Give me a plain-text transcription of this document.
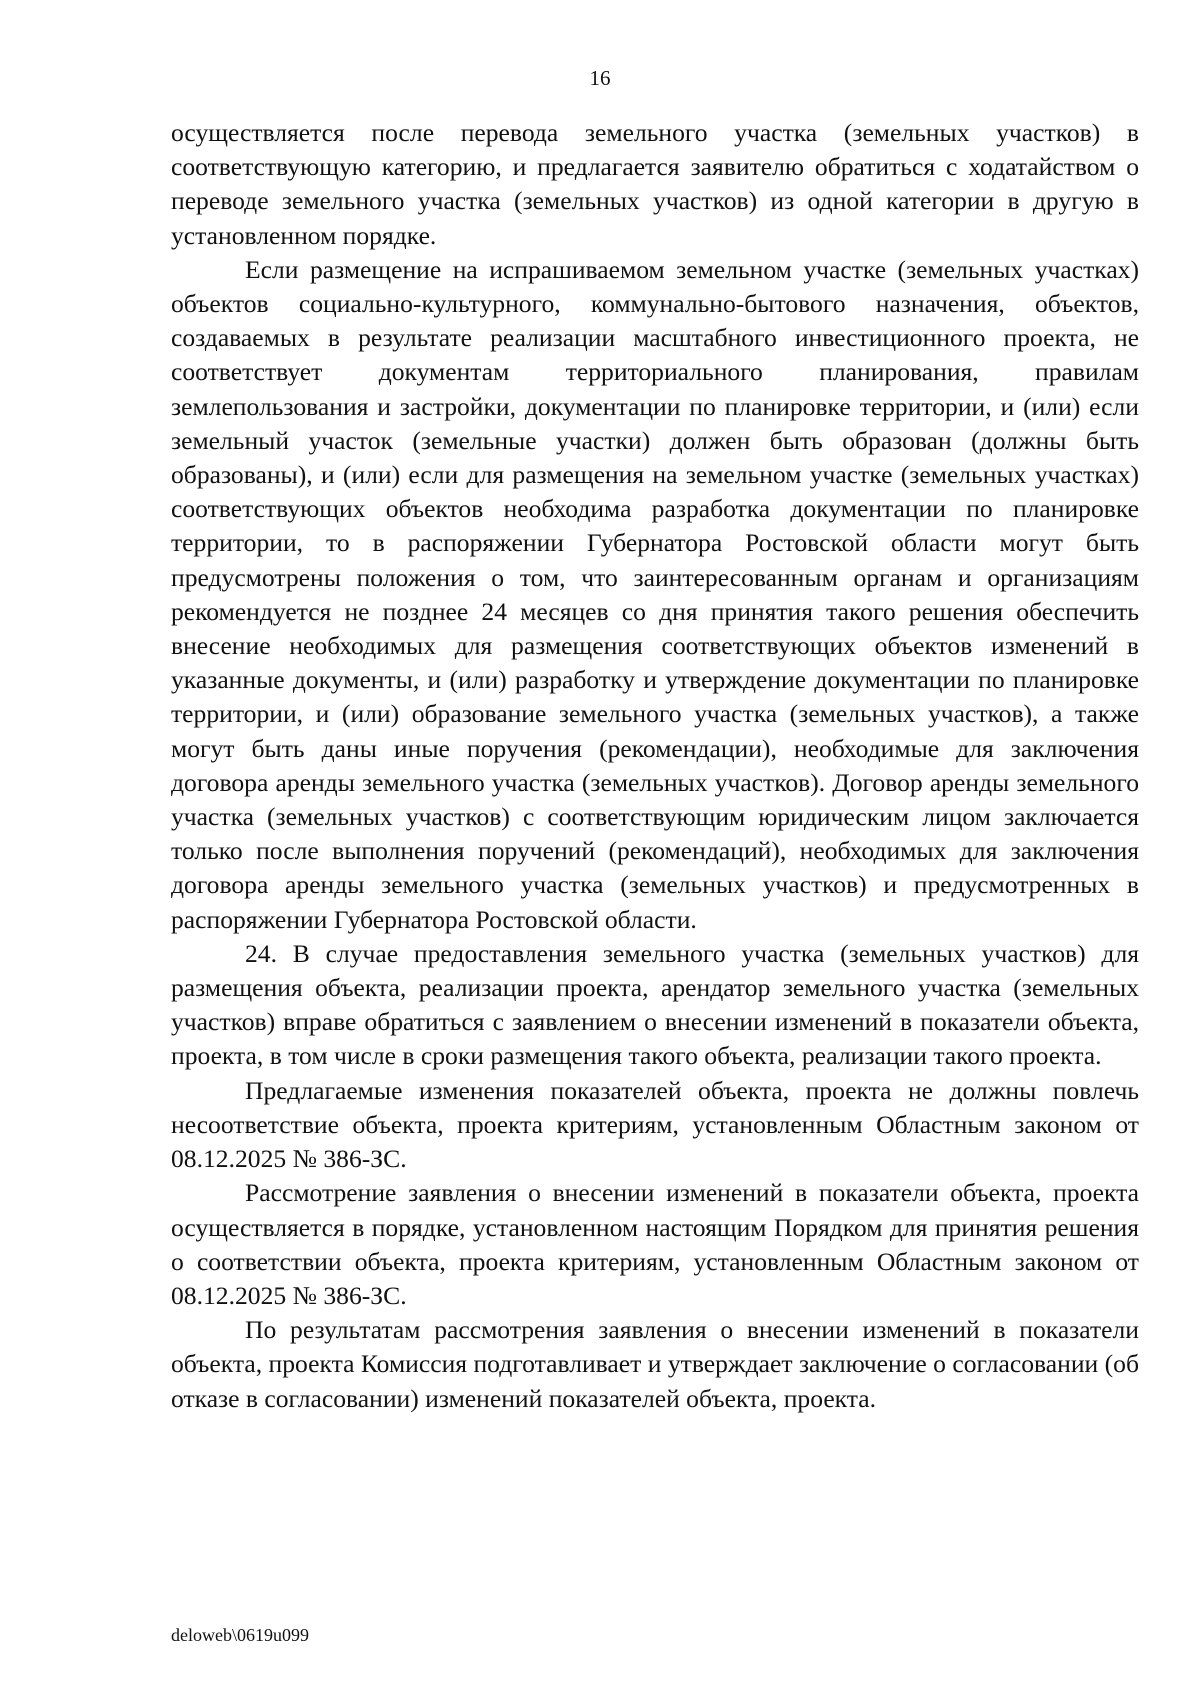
16

осуществляется после перевода земельного участка (земельных участков) в соответствующую категорию, и предлагается заявителю обратиться с ходатайством о переводе земельного участка (земельных участков) из одной категории в другую в установленном порядке.

Если размещение на испрашиваемом земельном участке (земельных участках) объектов социально-культурного, коммунально-бытового назначения, объектов, создаваемых в результате реализации масштабного инвестиционного проекта, не соответствует документам территориального планирования, правилам землепользования и застройки, документации по планировке территории, и (или) если земельный участок (земельные участки) должен быть образован (должны быть образованы), и (или) если для размещения на земельном участке (земельных участках) соответствующих объектов необходима разработка документации по планировке территории, то в распоряжении Губернатора Ростовской области могут быть предусмотрены положения о том, что заинтересованным органам и организациям рекомендуется не позднее 24 месяцев со дня принятия такого решения обеспечить внесение необходимых для размещения соответствующих объектов изменений в указанные документы, и (или) разработку и утверждение документации по планировке территории, и (или) образование земельного участка (земельных участков), а также могут быть даны иные поручения (рекомендации), необходимые для заключения договора аренды земельного участка (земельных участков). Договор аренды земельного участка (земельных участков) с соответствующим юридическим лицом заключается только после выполнения поручений (рекомендаций), необходимых для заключения договора аренды земельного участка (земельных участков) и предусмотренных в распоряжении Губернатора Ростовской области.

24. В случае предоставления земельного участка (земельных участков) для размещения объекта, реализации проекта, арендатор земельного участка (земельных участков) вправе обратиться с заявлением о внесении изменений в показатели объекта, проекта, в том числе в сроки размещения такого объекта, реализации такого проекта.

Предлагаемые изменения показателей объекта, проекта не должны повлечь несоответствие объекта, проекта критериям, установленным Областным законом от 08.12.2025 № 386-ЗС.

Рассмотрение заявления о внесении изменений в показатели объекта, проекта осуществляется в порядке, установленном настоящим Порядком для принятия решения о соответствии объекта, проекта критериям, установленным Областным законом от 08.12.2025 № 386-ЗС.

По результатам рассмотрения заявления о внесении изменений в показатели объекта, проекта Комиссия подготавливает и утверждает заключение о согласовании (об отказе в согласовании) изменений показателей объекта, проекта.

deloweb\0619u099
